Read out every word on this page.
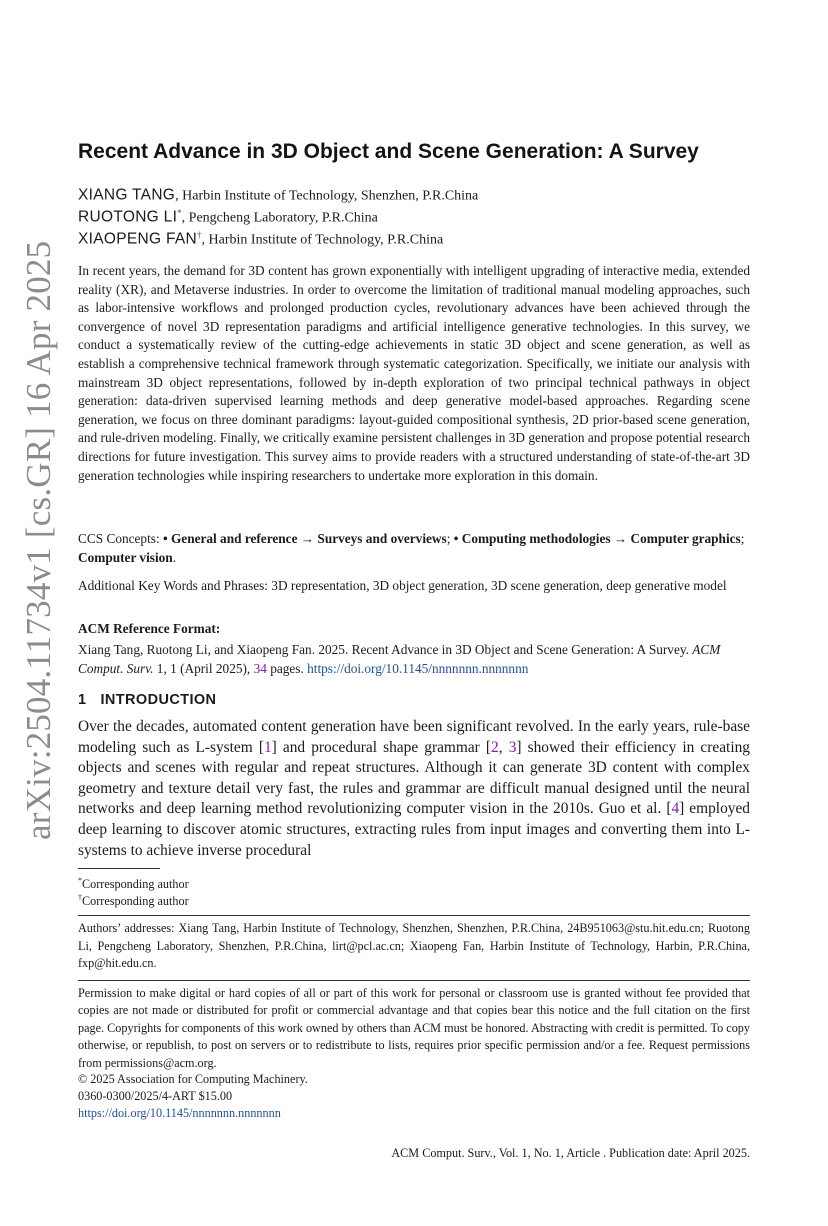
arXiv:2504.11734v1 [cs.GR] 16 Apr 2025
Recent Advance in 3D Object and Scene Generation: A Survey
XIANG TANG, Harbin Institute of Technology, Shenzhen, P.R.China
RUOTONG LI*, Pengcheng Laboratory, P.R.China
XIAOPENG FAN†, Harbin Institute of Technology, P.R.China
In recent years, the demand for 3D content has grown exponentially with intelligent upgrading of interactive media, extended reality (XR), and Metaverse industries. In order to overcome the limitation of traditional manual modeling approaches, such as labor-intensive workflows and prolonged production cycles, revolutionary advances have been achieved through the convergence of novel 3D representation paradigms and artificial intelligence generative technologies. In this survey, we conduct a systematically review of the cutting-edge achievements in static 3D object and scene generation, as well as establish a comprehensive technical framework through systematic categorization. Specifically, we initiate our analysis with mainstream 3D object representations, followed by in-depth exploration of two principal technical pathways in object generation: data-driven supervised learning methods and deep generative model-based approaches. Regarding scene generation, we focus on three dominant paradigms: layout-guided compositional synthesis, 2D prior-based scene generation, and rule-driven modeling. Finally, we critically examine persistent challenges in 3D generation and propose potential research directions for future investigation. This survey aims to provide readers with a structured understanding of state-of-the-art 3D generation technologies while inspiring researchers to undertake more exploration in this domain.
CCS Concepts: • General and reference → Surveys and overviews; • Computing methodologies → Computer graphics; Computer vision.
Additional Key Words and Phrases: 3D representation, 3D object generation, 3D scene generation, deep generative model
ACM Reference Format:
Xiang Tang, Ruotong Li, and Xiaopeng Fan. 2025. Recent Advance in 3D Object and Scene Generation: A Survey. ACM Comput. Surv. 1, 1 (April 2025), 34 pages. https://doi.org/10.1145/nnnnnnn.nnnnnnn
1 INTRODUCTION
Over the decades, automated content generation have been significant revolved. In the early years, rule-base modeling such as L-system [1] and procedural shape grammar [2, 3] showed their efficiency in creating objects and scenes with regular and repeat structures. Although it can generate 3D content with complex geometry and texture detail very fast, the rules and grammar are difficult manual designed until the neural networks and deep learning method revolutionizing computer vision in the 2010s. Guo et al. [4] employed deep learning to discover atomic structures, extracting rules from input images and converting them into L-systems to achieve inverse procedural
*Corresponding author
†Corresponding author
Authors’ addresses: Xiang Tang, Harbin Institute of Technology, Shenzhen, Shenzhen, P.R.China, 24B951063@stu.hit.edu.cn; Ruotong Li, Pengcheng Laboratory, Shenzhen, P.R.China, lirt@pcl.ac.cn; Xiaopeng Fan, Harbin Institute of Technology, Harbin, P.R.China, fxp@hit.edu.cn.
Permission to make digital or hard copies of all or part of this work for personal or classroom use is granted without fee provided that copies are not made or distributed for profit or commercial advantage and that copies bear this notice and the full citation on the first page. Copyrights for components of this work owned by others than ACM must be honored. Abstracting with credit is permitted. To copy otherwise, or republish, to post on servers or to redistribute to lists, requires prior specific permission and/or a fee. Request permissions from permissions@acm.org.
© 2025 Association for Computing Machinery.
0360-0300/2025/4-ART $15.00
https://doi.org/10.1145/nnnnnnn.nnnnnnn
ACM Comput. Surv., Vol. 1, No. 1, Article . Publication date: April 2025.
